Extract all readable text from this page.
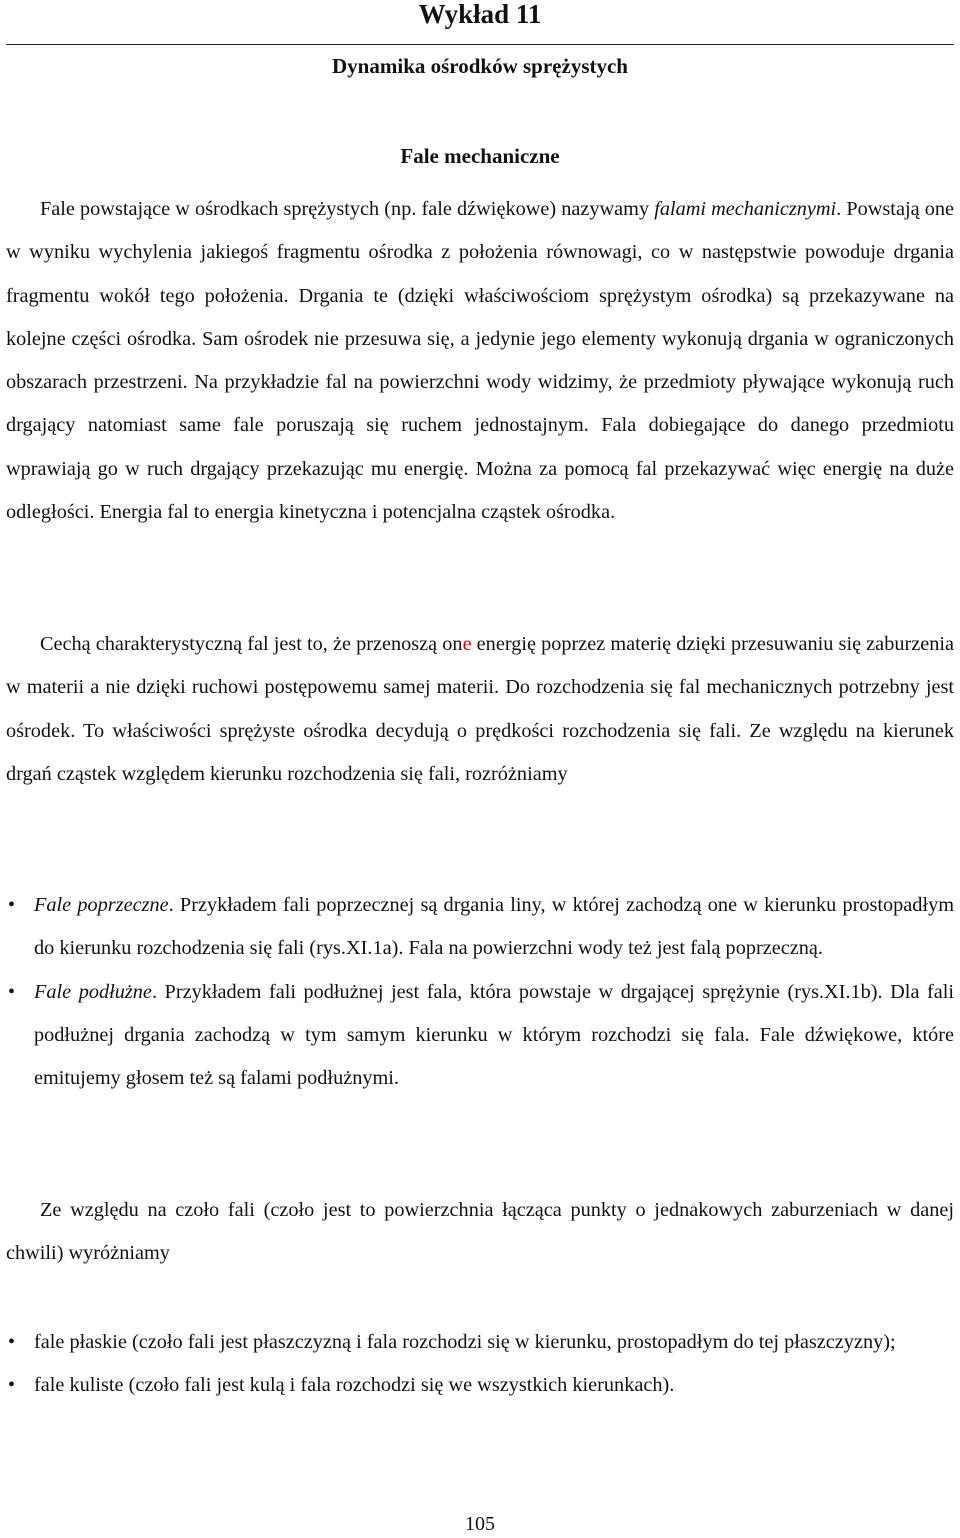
Wykład 11
Dynamika ośrodków sprężystych
Fale mechaniczne

Fale powstające w ośrodkach sprężystych (np. fale dźwiękowe) nazywamy falami mechanicznymi. Powstają one w wyniku wychylenia jakiegoś fragmentu ośrodka z położenia równowagi, co w następstwie powoduje drgania fragmentu wokół tego położenia. Drgania te (dzięki właściwościom sprężystym ośrodka) są przekazywane na kolejne części ośrodka. Sam ośrodek nie przesuwa się, a jedynie jego elementy wykonują drgania w ograniczonych obszarach przestrzeni. Na przykładzie fal na powierzchni wody widzimy, że przedmioty pływające wykonują ruch drgający natomiast same fale poruszają się ruchem jednostajnym. Fala dobiegające do danego przedmiotu wprawiają go w ruch drgający przekazując mu energię. Można za pomocą fal przekazywać więc energię na duże odległości. Energia fal to energia kinetyczna i potencjalna cząstek ośrodka.

Cechą charakterystyczną fal jest to, że przenoszą one energię poprzez materię dzięki przesuwaniu się zaburzenia w materii a nie dzięki ruchowi postępowemu samej materii. Do rozchodzenia się fal mechanicznych potrzebny jest ośrodek. To właściwości sprężyste ośrodka decydują o prędkości rozchodzenia się fali. Ze względu na kierunek drgań cząstek względem kierunku rozchodzenia się fali, rozróżniamy

• Fale poprzeczne. Przykładem fali poprzecznej są drgania liny, w której zachodzą one w kierunku prostopadłym do kierunku rozchodzenia się fali (rys.XI.1a). Fala na powierzchni wody też jest falą poprzeczną.
• Fale podłużne. Przykładem fali podłużnej jest fala, która powstaje w drgającej sprężynie (rys.XI.1b). Dla fali podłużnej drgania zachodzą w tym samym kierunku w którym rozchodzi się fala. Fale dźwiękowe, które emitujemy głosem też są falami podłużnymi.

Ze względu na czoło fali (czoło jest to powierzchnia łącząca punkty o jednakowych zaburzeniach w danej chwili) wyróżniamy

• fale płaskie (czoło fali jest płaszczyzną i fala rozchodzi się w kierunku, prostopadłym do tej płaszczyzny);
• fale kuliste (czoło fali jest kulą i fala rozchodzi się we wszystkich kierunkach).
105
